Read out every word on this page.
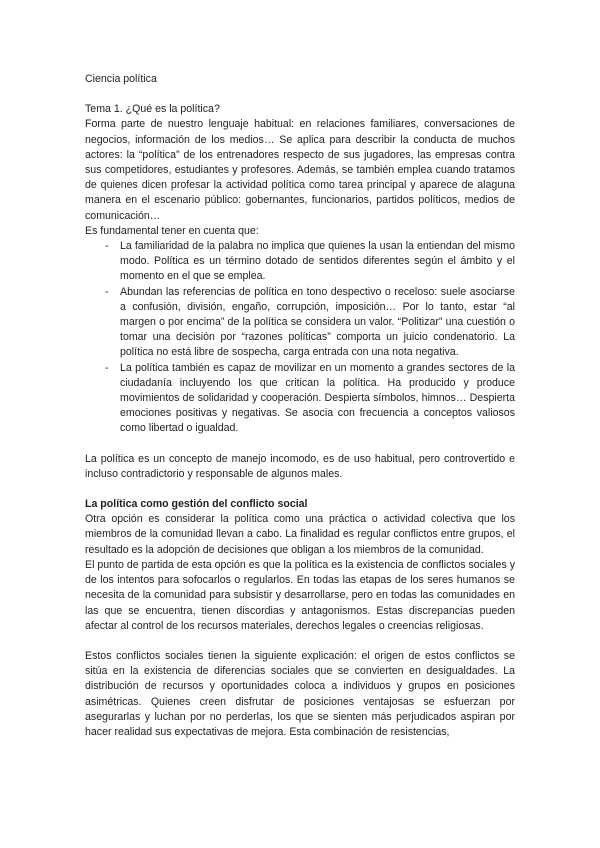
Ciencia política

Tema 1. ¿Qué es la política?

Forma parte de nuestro lenguaje habitual: en relaciones familiares, conversaciones de negocios, información de los medios… Se aplica para describir la conducta de muchos actores: la “política” de los entrenadores respecto de sus jugadores, las empresas contra sus competidores, estudiantes y profesores. Además, se también emplea cuando tratamos de quienes dicen profesar la actividad política como tarea principal y aparece de alaguna manera en el escenario público: gobernantes, funcionarios, partidos políticos, medios de comunicación…

Es fundamental tener en cuenta que:

- La familiaridad de la palabra no implica que quienes la usan la entiendan del mismo modo. Política es un término dotado de sentidos diferentes según el ámbito y el momento en el que se emplea.
- Abundan las referencias de política en tono despectivo o receloso: suele asociarse a confusión, división, engaño, corrupción, imposición… Por lo tanto, estar “al margen o por encima” de la política se considera un valor. “Politizar” una cuestión o tomar una decisión por “razones políticas” comporta un juicio condenatorio. La política no está libre de sospecha, carga entrada con una nota negativa.
- La política también es capaz de movilizar en un momento a grandes sectores de la ciudadanía incluyendo los que critican la política. Ha producido y produce movimientos de solidaridad y cooperación. Despierta símbolos, himnos… Despierta emociones positivas y negativas. Se asocia con frecuencia a conceptos valiosos como libertad o igualdad.

La política es un concepto de manejo incomodo, es de uso habitual, pero controvertido e incluso contradictorio y responsable de algunos males.

La política como gestión del conflicto social

Otra opción es considerar la política como una práctica o actividad colectiva que los miembros de la comunidad llevan a cabo. La finalidad es regular conflictos entre grupos, el resultado es la adopción de decisiones que obligan a los miembros de la comunidad.

El punto de partida de esta opción es que la política es la existencia de conflictos sociales y de los intentos para sofocarlos o regularlos. En todas las etapas de los seres humanos se necesita de la comunidad para subsistir y desarrollarse, pero en todas las comunidades en las que se encuentra, tienen discordias y antagonismos. Estas discrepancias pueden afectar al control de los recursos materiales, derechos legales o creencias religiosas.

Estos conflictos sociales tienen la siguiente explicación: el origen de estos conflictos se sitúa en la existencia de diferencias sociales que se convierten en desigualdades. La distribución de recursos y oportunidades coloca a individuos y grupos en posiciones asimétricas. Quienes creen disfrutar de posiciones ventajosas se esfuerzan por asegurarlas y luchan por no perderlas, los que se sienten más perjudicados aspiran por hacer realidad sus expectativas de mejora. Esta combinación de resistencias,
